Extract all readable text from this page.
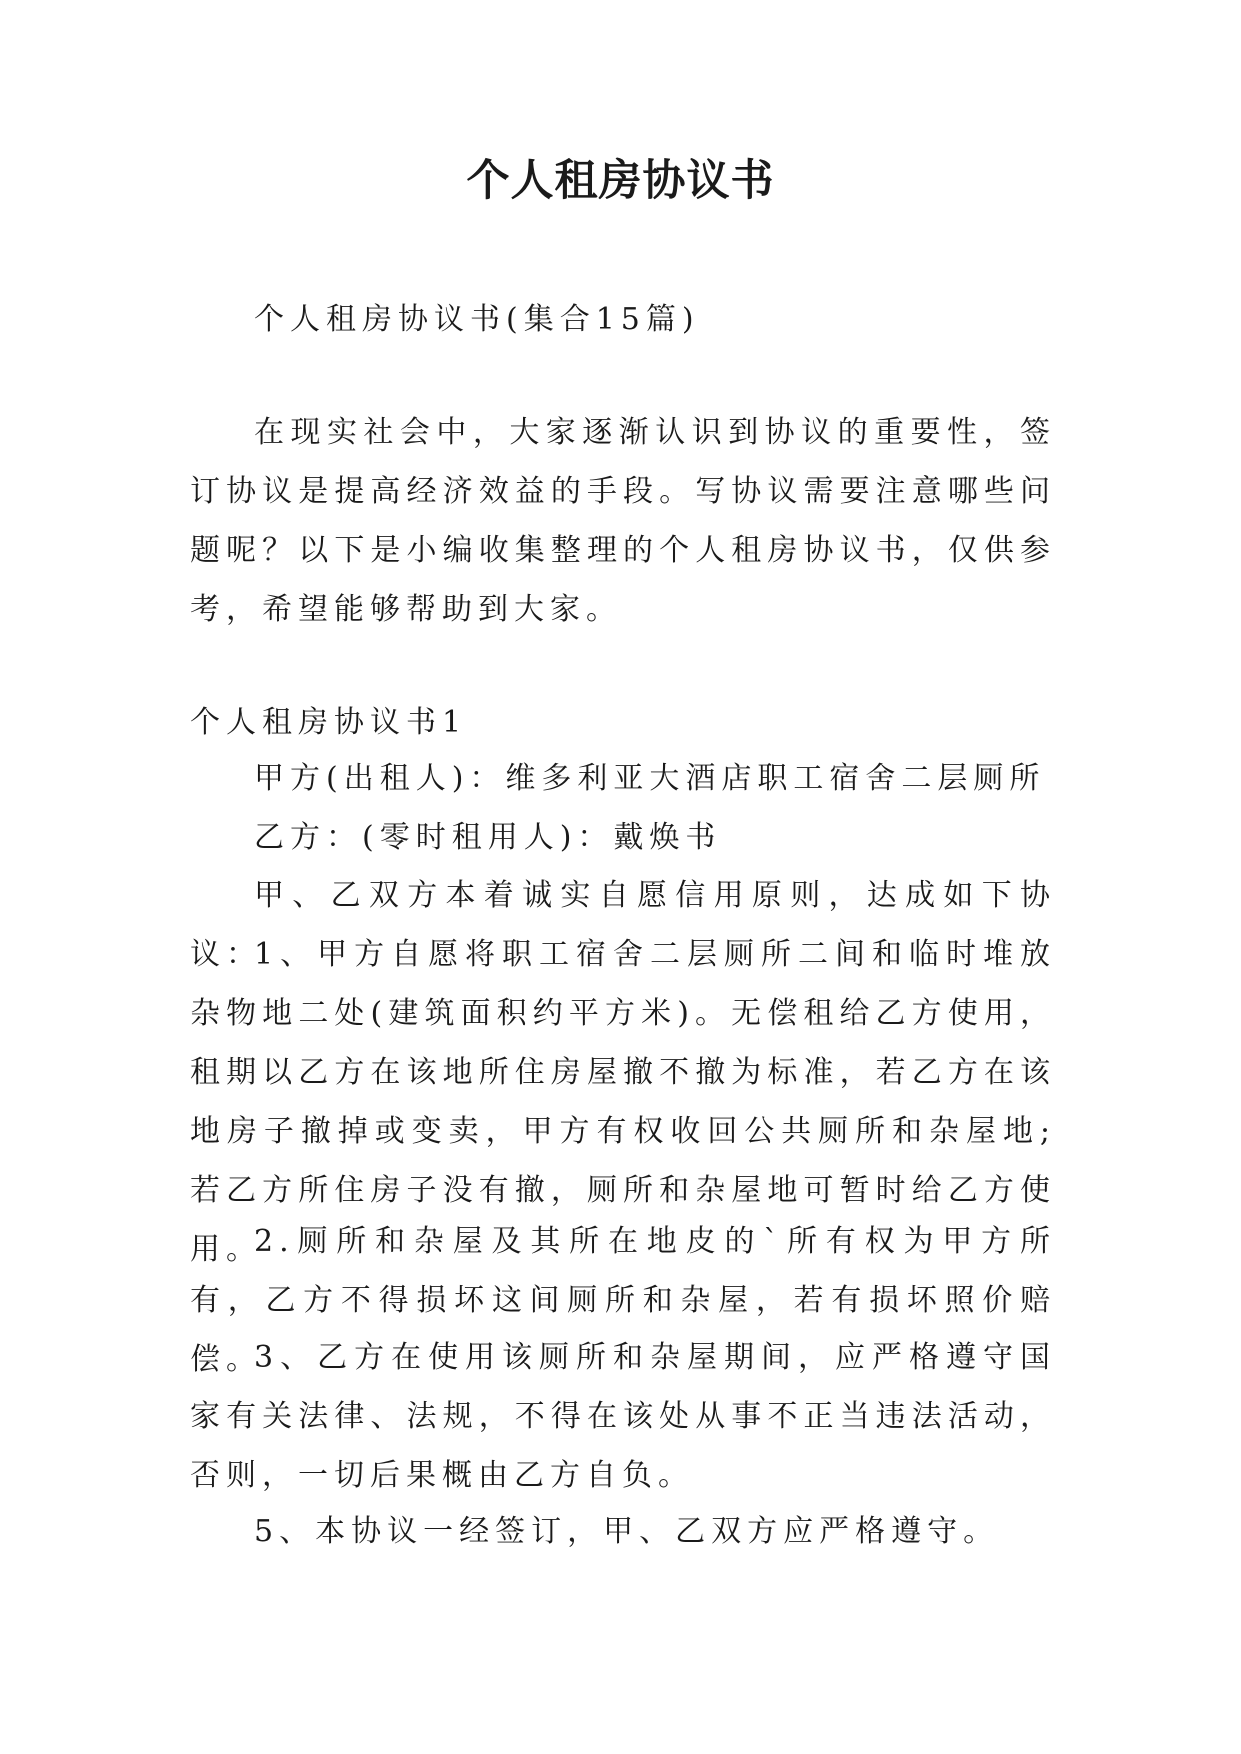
个人租房协议书

个人租房协议书(集合15篇)

在现实社会中，大家逐渐认识到协议的重要性，签订协议是提高经济效益的手段。写协议需要注意哪些问题呢？以下是小编收集整理的个人租房协议书，仅供参考，希望能够帮助到大家。

个人租房协议书1

甲方(出租人)：维多利亚大酒店职工宿舍二层厕所

乙方：(零时租用人)：戴焕书

甲、乙双方本着诚实自愿信用原则，达成如下协议：

1、甲方自愿将职工宿舍二层厕所二间和临时堆放杂物地二处(建筑面积约平方米)。无偿租给乙方使用，租期以乙方在该地所住房屋撤不撤为标准，若乙方在该地房子撤掉或变卖，甲方有权收回公共厕所和杂屋地;若乙方所住房子没有撤，厕所和杂屋地可暂时给乙方使用。

2.厕所和杂屋及其所在地皮的`所有权为甲方所有，乙方不得损坏这间厕所和杂屋，若有损坏照价赔偿。

3、乙方在使用该厕所和杂屋期间，应严格遵守国家有关法律、法规，不得在该处从事不正当违法活动，否则，一切后果概由乙方自负。

5、本协议一经签订，甲、乙双方应严格遵守。
